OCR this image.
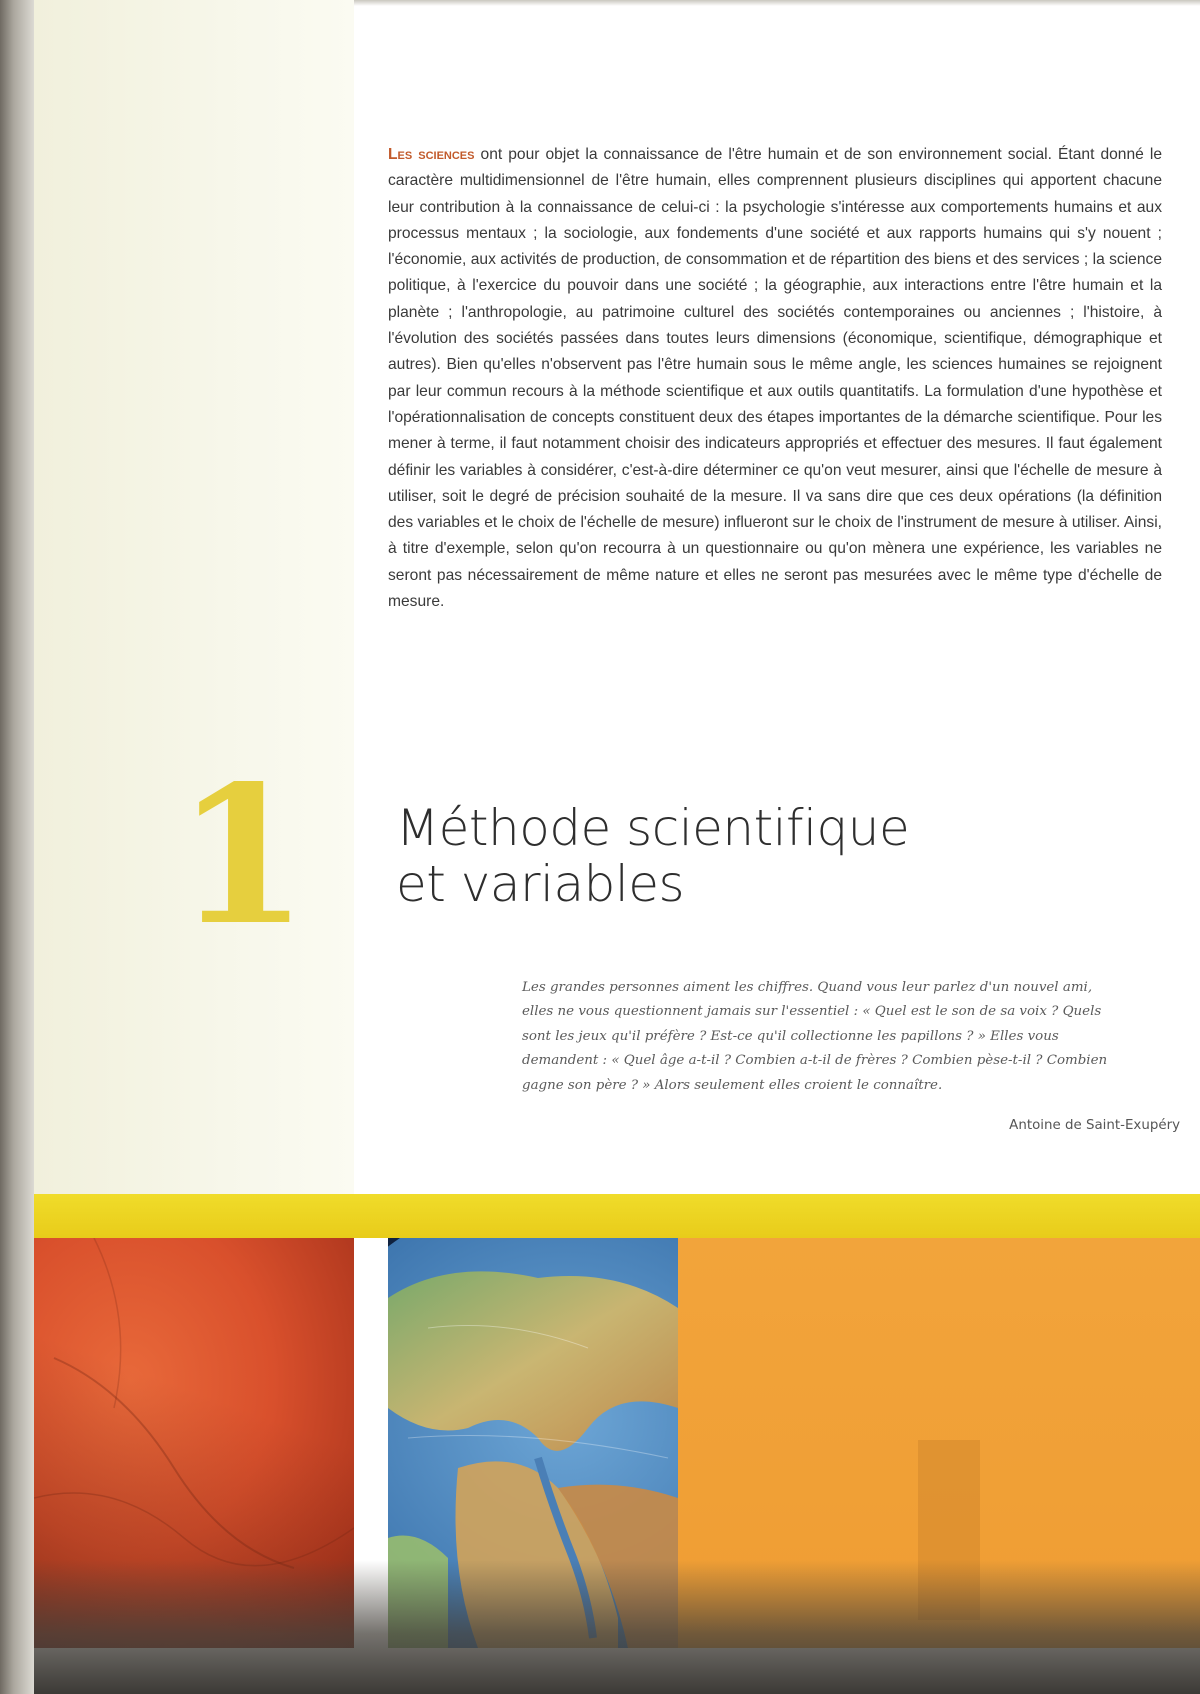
Les sciences ont pour objet la connaissance de l'être humain et de son environnement social. Étant donné le caractère multidimensionnel de l'être humain, elles comprennent plusieurs disciplines qui apportent chacune leur contribution à la connaissance de celui-ci : la psychologie s'intéresse aux comportements humains et aux processus mentaux ; la sociologie, aux fondements d'une société et aux rapports humains qui s'y nouent ; l'économie, aux activités de production, de consommation et de répartition des biens et des services ; la science politique, à l'exercice du pouvoir dans une société ; la géographie, aux interactions entre l'être humain et la planète ; l'anthropologie, au patrimoine culturel des sociétés contemporaines ou anciennes ; l'histoire, à l'évolution des sociétés passées dans toutes leurs dimensions (économique, scientifique, démographique et autres). Bien qu'elles n'observent pas l'être humain sous le même angle, les sciences humaines se rejoignent par leur commun recours à la méthode scientifique et aux outils quantitatifs. La formulation d'une hypothèse et l'opérationnalisation de concepts constituent deux des étapes importantes de la démarche scientifique. Pour les mener à terme, il faut notamment choisir des indicateurs appropriés et effectuer des mesures. Il faut également définir les variables à considérer, c'est-à-dire déterminer ce qu'on veut mesurer, ainsi que l'échelle de mesure à utiliser, soit le degré de précision souhaité de la mesure. Il va sans dire que ces deux opérations (la définition des variables et le choix de l'échelle de mesure) influeront sur le choix de l'instrument de mesure à utiliser. Ainsi, à titre d'exemple, selon qu'on recourra à un questionnaire ou qu'on mènera une expérience, les variables ne seront pas nécessairement de même nature et elles ne seront pas mesurées avec le même type d'échelle de mesure.

1 Méthode scientifique
et variables

Les grandes personnes aiment les chiffres. Quand vous leur parlez d'un nouvel ami, elles ne vous questionnent jamais sur l'essentiel : « Quel est le son de sa voix ? Quels sont les jeux qu'il préfère ? Est-ce qu'il collectionne les papillons ? » Elles vous demandent : « Quel âge a-t-il ? Combien a-t-il de frères ? Combien pèse-t-il ? Combien gagne son père ? » Alors seulement elles croient le connaître.

Antoine de Saint-Exupéry
